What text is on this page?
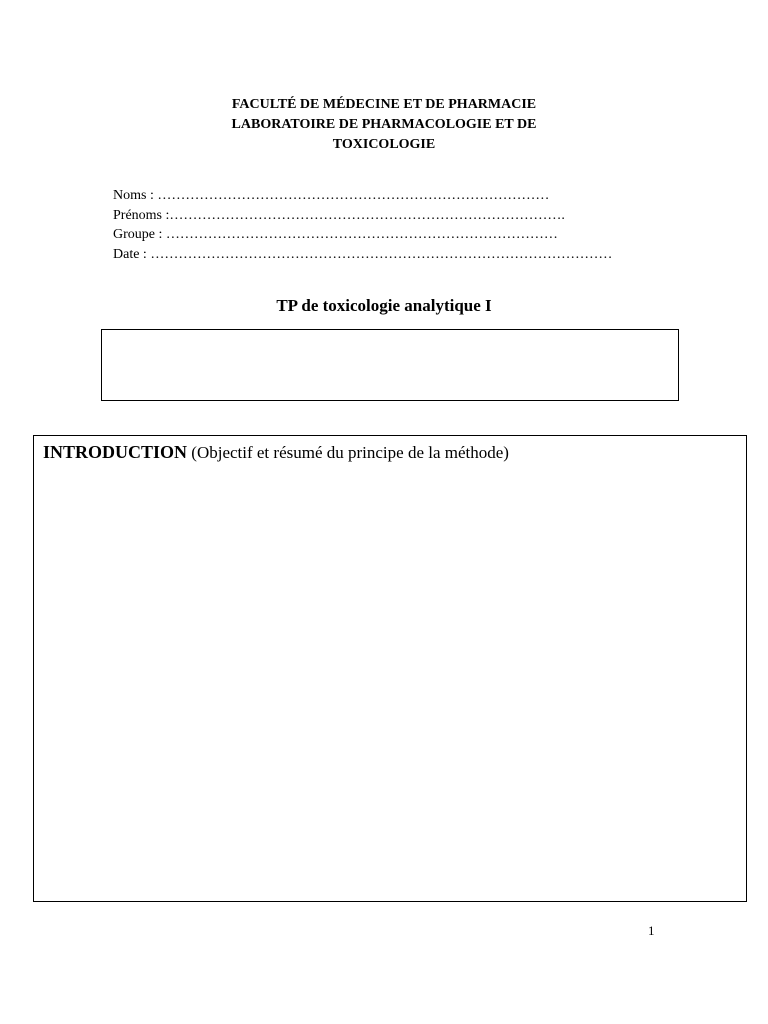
FACULTÉ DE MÉDECINE ET DE PHARMACIE
LABORATOIRE DE PHARMACOLOGIE ET DE
TOXICOLOGIE
Noms : …………………………………………………………………………
Prénoms :………………………………………………………………………….
Groupe : …………………………………………………………………………
Date : ………………………………………………………………………………………
TP de toxicologie analytique I
INTRODUCTION (Objectif et résumé du principe de la méthode)
1
